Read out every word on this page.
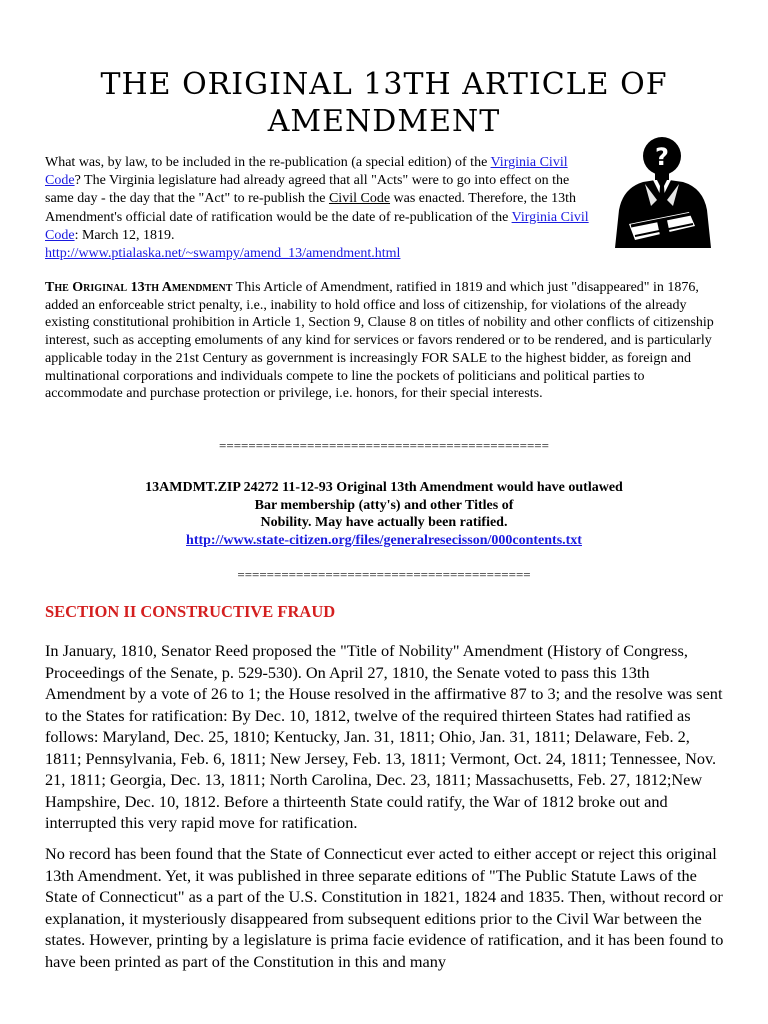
THE ORIGINAL 13TH ARTICLE OF AMENDMENT

What was, by law, to be included in the re-publication (a special edition) of the Virginia Civil Code? The Virginia legislature had already agreed that all "Acts" were to go into effect on the same day - the day that the "Act" to re-publish the Civil Code was enacted. Therefore, the 13th Amendment's official date of ratification would be the date of re-publication of the Virginia Civil Code: March 12, 1819.
http://www.ptialaska.net/~swampy/amend_13/amendment.html

?

The Original 13th Amendment This Article of Amendment, ratified in 1819 and which just "disappeared" in 1876, added an enforceable strict penalty, i.e., inability to hold office and loss of citizenship, for violations of the already existing constitutional prohibition in Article 1, Section 9, Clause 8 on titles of nobility and other conflicts of citizenship interest, such as accepting emoluments of any kind for services or favors rendered or to be rendered, and is particularly applicable today in the 21st Century as government is increasingly FOR SALE to the highest bidder, as foreign and multinational corporations and individuals compete to line the pockets of politicians and political parties to accommodate and purchase protection or privilege, i.e. honors, for their special interests.

=============================================

13AMDMT.ZIP 24272 11-12-93 Original 13th Amendment would have outlawed
Bar membership (atty's) and other Titles of
Nobility. May have actually been ratified.
http://www.state-citizen.org/files/generalresecisson/000contents.txt

========================================

SECTION II CONSTRUCTIVE FRAUD

In January, 1810, Senator Reed proposed the "Title of Nobility" Amendment (History of Congress, Proceedings of the Senate, p. 529-530). On April 27, 1810, the Senate voted to pass this 13th Amendment by a vote of 26 to 1; the House resolved in the affirmative 87 to 3; and the resolve was sent to the States for ratification: By Dec. 10, 1812, twelve of the required thirteen States had ratified as follows: Maryland, Dec. 25, 1810; Kentucky, Jan. 31, 1811; Ohio, Jan. 31, 1811; Delaware, Feb. 2, 1811; Pennsylvania, Feb. 6, 1811; New Jersey, Feb. 13, 1811; Vermont, Oct. 24, 1811; Tennessee, Nov. 21, 1811; Georgia, Dec. 13, 1811; North Carolina, Dec. 23, 1811; Massachusetts, Feb. 27, 1812;New Hampshire, Dec. 10, 1812. Before a thirteenth State could ratify, the War of 1812 broke out and interrupted this very rapid move for ratification.

No record has been found that the State of Connecticut ever acted to either accept or reject this original 13th Amendment. Yet, it was published in three separate editions of "The Public Statute Laws of the State of Connecticut" as a part of the U.S. Constitution in 1821, 1824 and 1835. Then, without record or explanation, it mysteriously disappeared from subsequent editions prior to the Civil War between the states. However, printing by a legislature is prima facie evidence of ratification, and it has been found to have been printed as part of the Constitution in this and many
